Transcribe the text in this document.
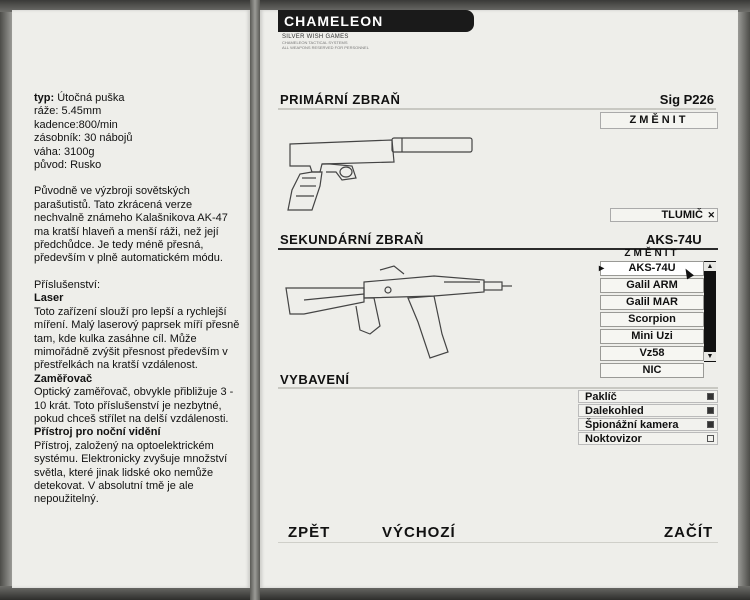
CHAMELEON
SILVER WISH GAMES
CHAMELEON TACTICAL SYSTEMS
ALL WEAPONS RESERVED FOR PERSONNEL

typ: Útočná puška

ráže: 5.45mm

kadence:800/min

zásobník: 30 nábojů

váha: 3100g

původ: Rusko

Původně ve výzbroji sovětských parašutistů. Tato zkrácená verze nechvalně známeho Kalašnikova AK-47 ma kratší hlaveň a menší ráži, než její předchůdce. Je tedy méně přesná, především v plně automatickém módu.

Příslušenství:

Laser

Toto zařízení slouží pro lepší a rychlejší míření. Malý laserový paprsek míří přesně tam, kde kulka zasáhne cíl. Může mimořádně zvýšit přesnost především v přestřelkách na kratší vzdálenost.

Zaměřovač

Optický zaměřovač, obvykle přibližuje 3 - 10 krát. Toto příslušenství je nezbytné, pokud chceš střílet na delší vzdálenosti.

Přístroj pro noční vidění

Přístroj, založený na optoelektrickém systému. Elektronicky zvyšuje množství světla, které jinak lidské oko nemůže detekovat. V absolutní tmě je ale nepoužitelný.

PRIMÁRNÍ ZBRAŇ	Sig P226
ZMĚNIT
TLUMIČ ✕
SEKUNDÁRNÍ ZBRAŇ	AKS-74U
ZMĚNIT
▸ AKS-74U
Galil ARM
Galil MAR
Scorpion
Mini Uzi
Vz58
NIC
▲
▼
VYBAVENÍ
Paklíč
Dalekohled
Špionážní kamera
Noktovizor
ZPĚT	VÝCHOZÍ	ZAČÍT
